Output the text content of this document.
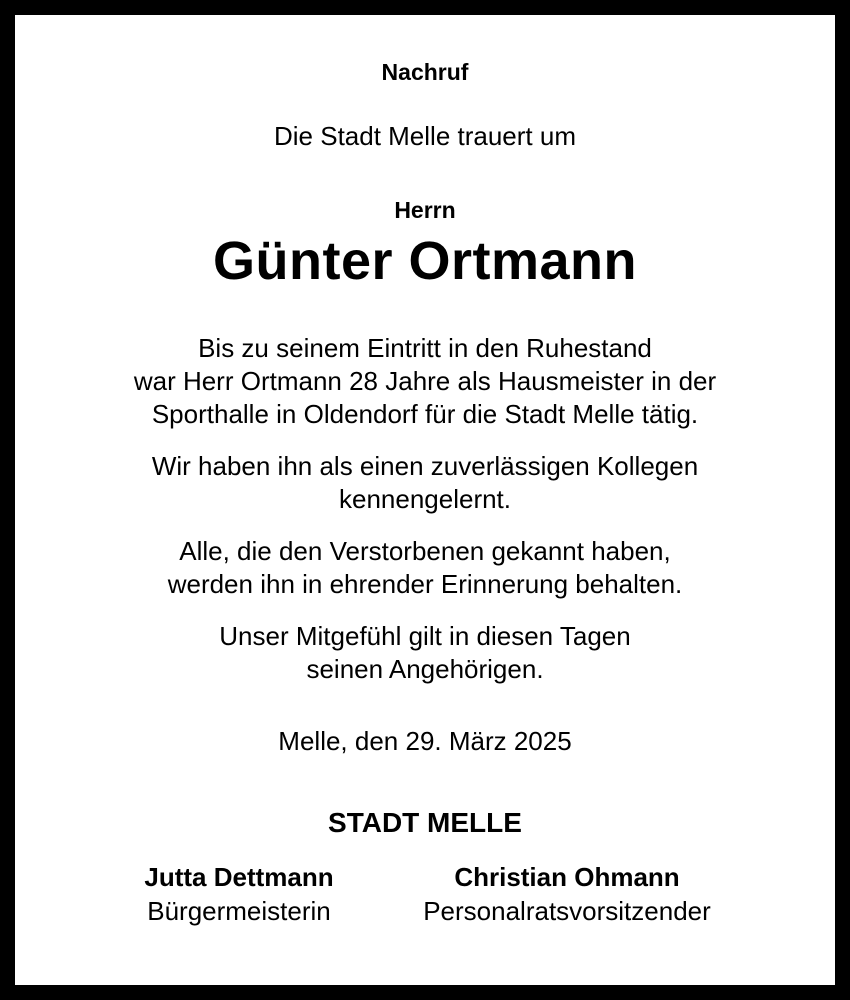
Nachruf
Die Stadt Melle trauert um
Herrn
Günter Ortmann
Bis zu seinem Eintritt in den Ruhestand
war Herr Ortmann 28 Jahre als Hausmeister in der
Sporthalle in Oldendorf für die Stadt Melle tätig.
Wir haben ihn als einen zuverlässigen Kollegen
kennengelernt.
Alle, die den Verstorbenen gekannt haben,
werden ihn in ehrender Erinnerung behalten.
Unser Mitgefühl gilt in diesen Tagen
seinen Angehörigen.
Melle, den 29. März 2025
STADT MELLE
Jutta Dettmann
Bürgermeisterin
Christian Ohmann
Personalratsvorsitzender
